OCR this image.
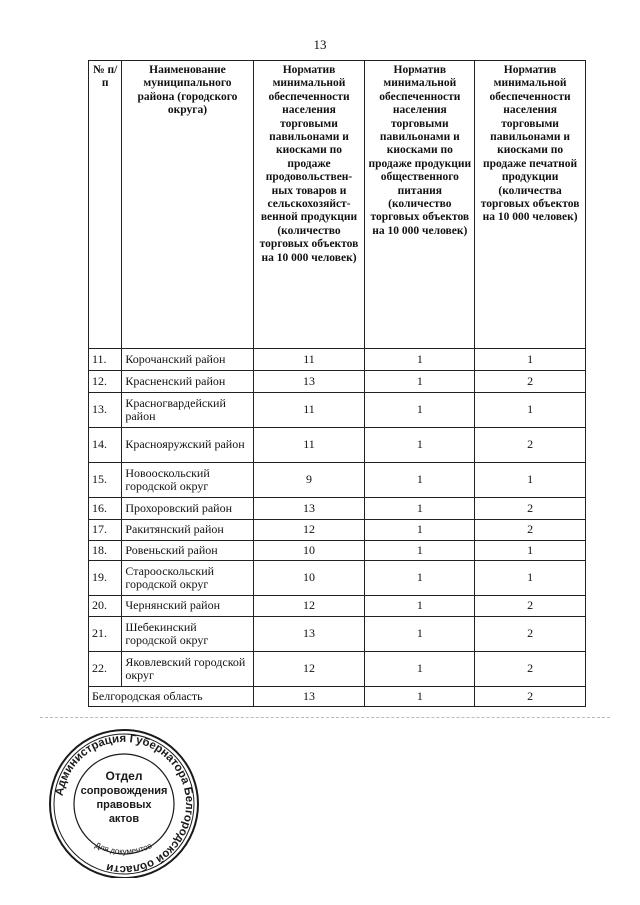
13
№ п/п	Наименование муниципального района (городского округа)	Норматив минимальной обеспеченности населения торговыми павильонами и киосками по продаже продовольствен-ных товаров и сельскохозяйст-венной продукции (количество торговых объектов на 10 000 человек)	Норматив минимальной обеспеченности населения торговыми павильонами и киосками по продаже продукции общественного питания (количество торговых объектов на 10 000 человек)	Норматив минимальной обеспеченности населения торговыми павильонами и киосками по продаже печатной продукции (количества торговых объектов на 10 000 человек)
11.	Корочанский район	11	1	1
12.	Красненский район	13	1	2
13.	Красногвардейский район	11	1	1
14.	Краснояружский район	11	1	2
15.	Новооскольский городской округ	9	1	1
16.	Прохоровский район	13	1	2
17.	Ракитянский район	12	1	2
18.	Ровеньский район	10	1	1
19.	Старооскольский городской округ	10	1	1
20.	Чернянский район	12	1	2
21.	Шебекинский городской округ	13	1	2
22.	Яковлевский городской округ	12	1	2
Белгородская область		13	1	2
Администрация Губернатора Белгородской области
Отдел
сопровождения
правовых
актов
Для документов
